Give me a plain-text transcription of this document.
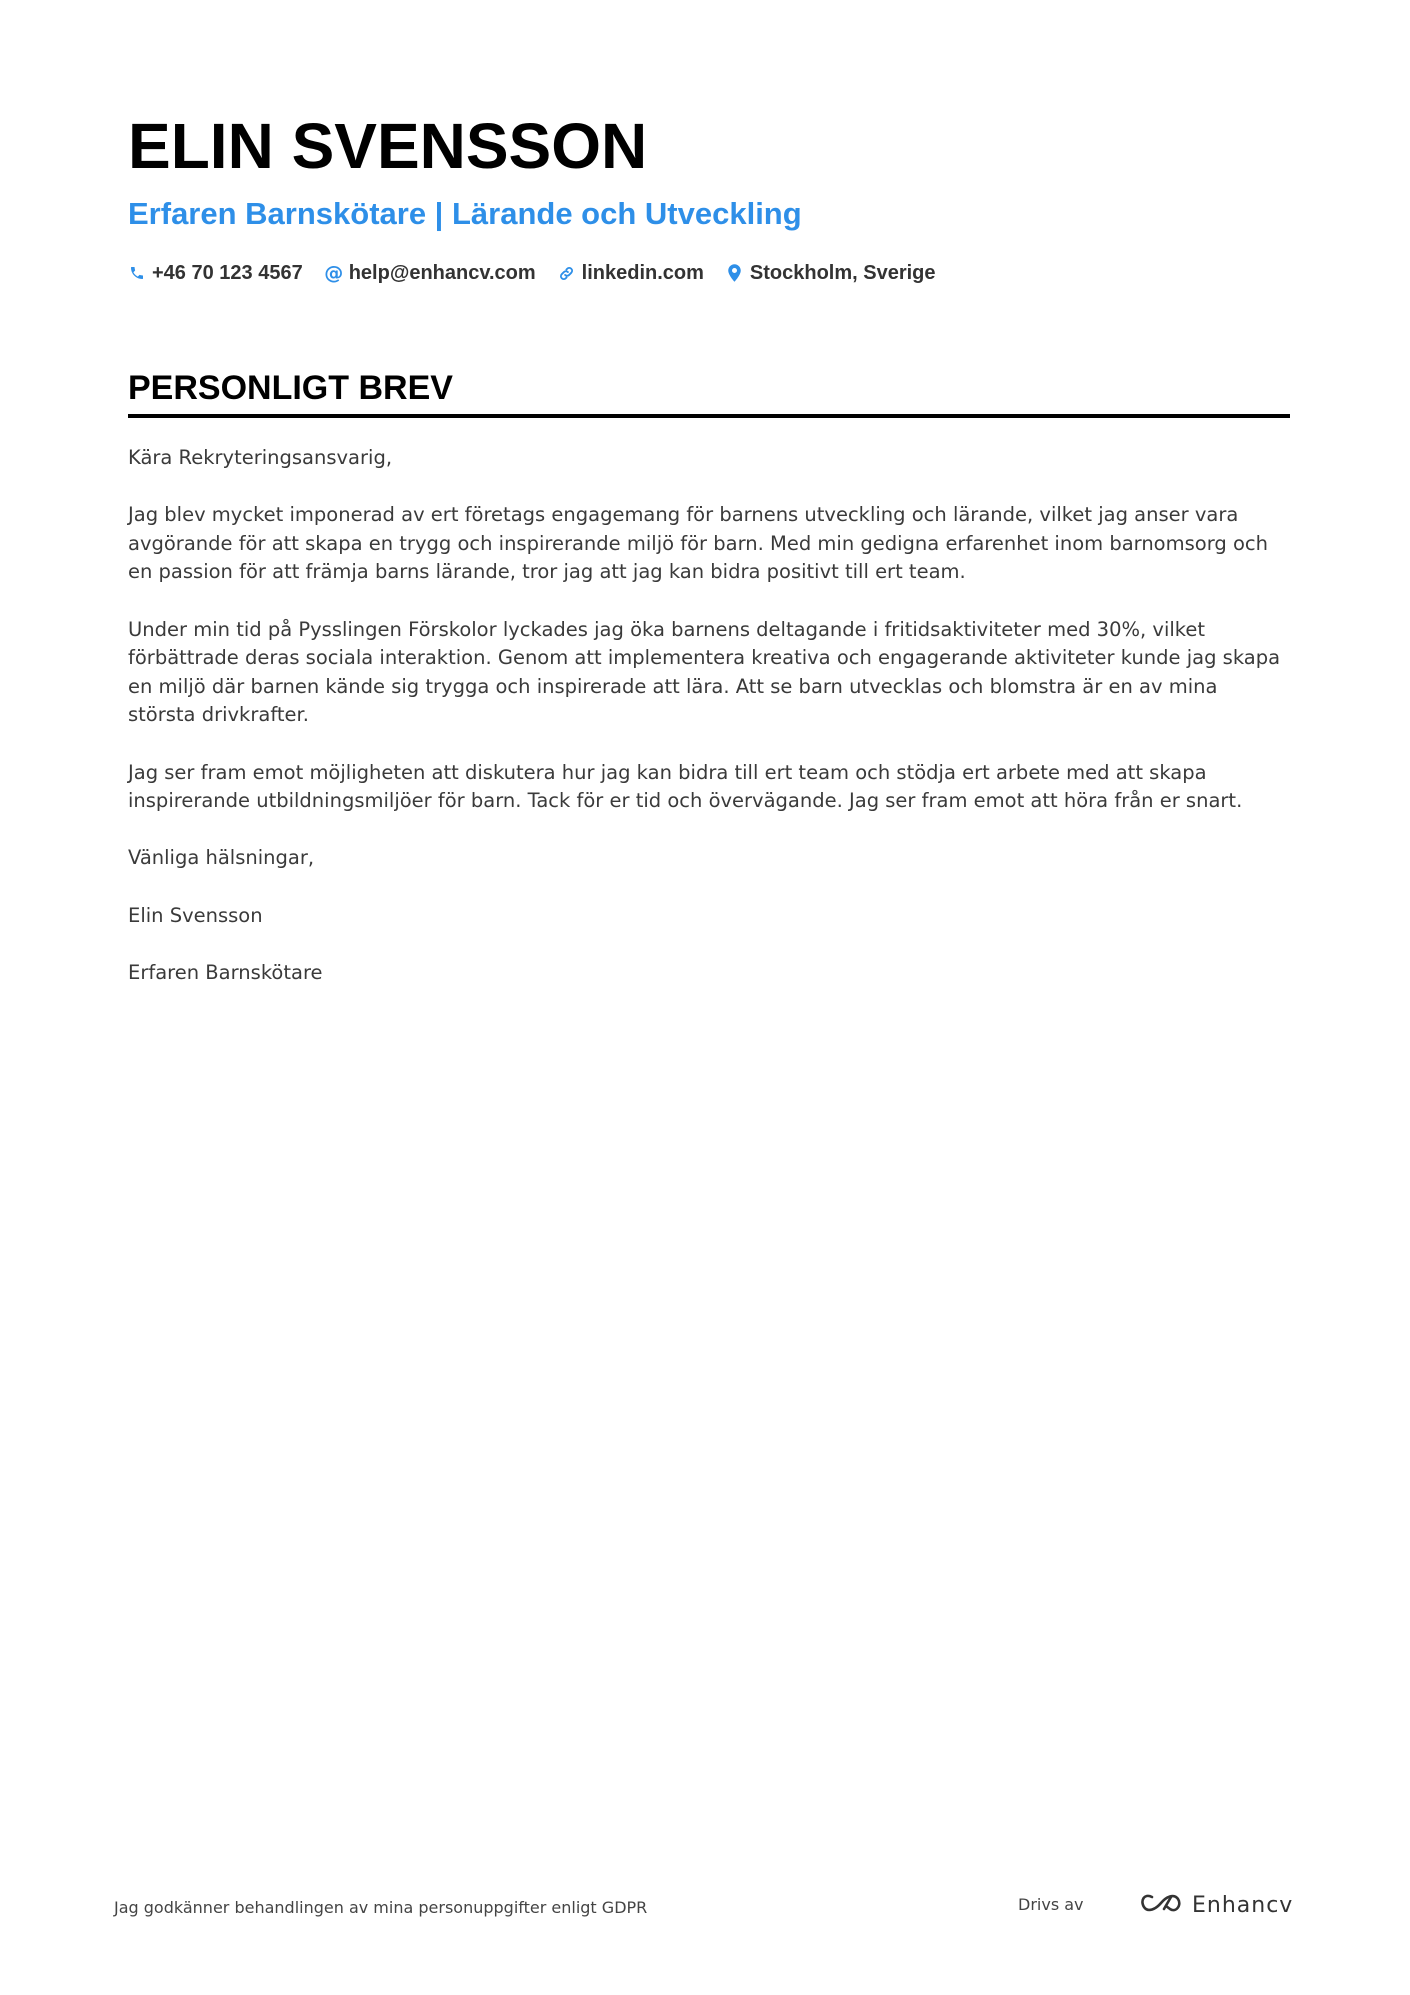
ELIN SVENSSON
Erfaren Barnskötare | Lärande och Utveckling
+46 70 123 4567 @ help@enhancv.com linkedin.com Stockholm, Sverige
PERSONLIGT BREV

Kära Rekryteringsansvarig,

Jag blev mycket imponerad av ert företags engagemang för barnens utveckling och lärande, vilket jag anser vara avgörande för att skapa en trygg och inspirerande miljö för barn. Med min gedigna erfarenhet inom barnomsorg och en passion för att främja barns lärande, tror jag att jag kan bidra positivt till ert team.

Under min tid på Pysslingen Förskolor lyckades jag öka barnens deltagande i fritidsaktiviteter med 30%, vilket förbättrade deras sociala interaktion. Genom att implementera kreativa och engagerande aktiviteter kunde jag skapa en miljö där barnen kände sig trygga och inspirerade att lära. Att se barn utvecklas och blomstra är en av mina största drivkrafter.

Jag ser fram emot möjligheten att diskutera hur jag kan bidra till ert team och stödja ert arbete med att skapa inspirerande utbildningsmiljöer för barn. Tack för er tid och övervägande. Jag ser fram emot att höra från er snart.

Vänliga hälsningar,

Elin Svensson

Erfaren Barnskötare

Jag godkänner behandlingen av mina personuppgifter enligt GDPR	Drivs av	Enhancv
